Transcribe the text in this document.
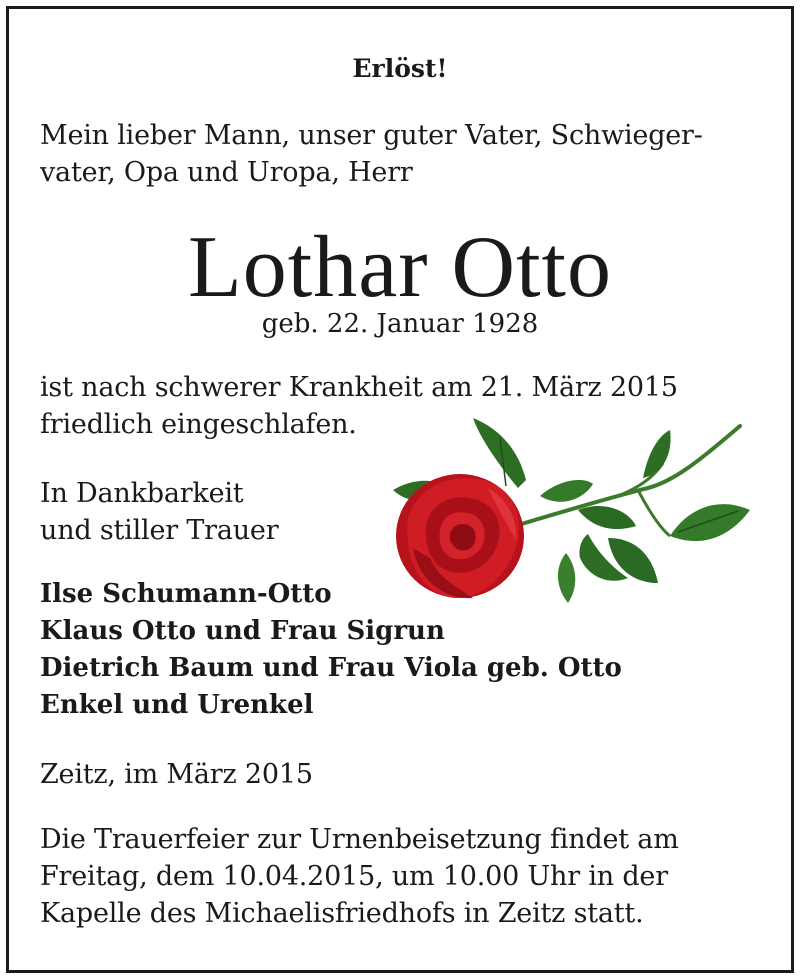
Erlöst!
Mein lieber Mann, unser guter Vater, Schwieger-
vater, Opa und Uropa, Herr
Lothar Otto
geb. 22. Januar 1928
ist nach schwerer Krankheit am 21. März 2015
friedlich eingeschlafen.
In Dankbarkeit
und stiller Trauer
Ilse Schumann-Otto
Klaus Otto und Frau Sigrun
Dietrich Baum und Frau Viola geb. Otto
Enkel und Urenkel
Zeitz, im März 2015
Die Trauerfeier zur Urnenbeisetzung findet am
Freitag, dem 10.04.2015, um 10.00 Uhr in der
Kapelle des Michaelisfriedhofs in Zeitz statt.
